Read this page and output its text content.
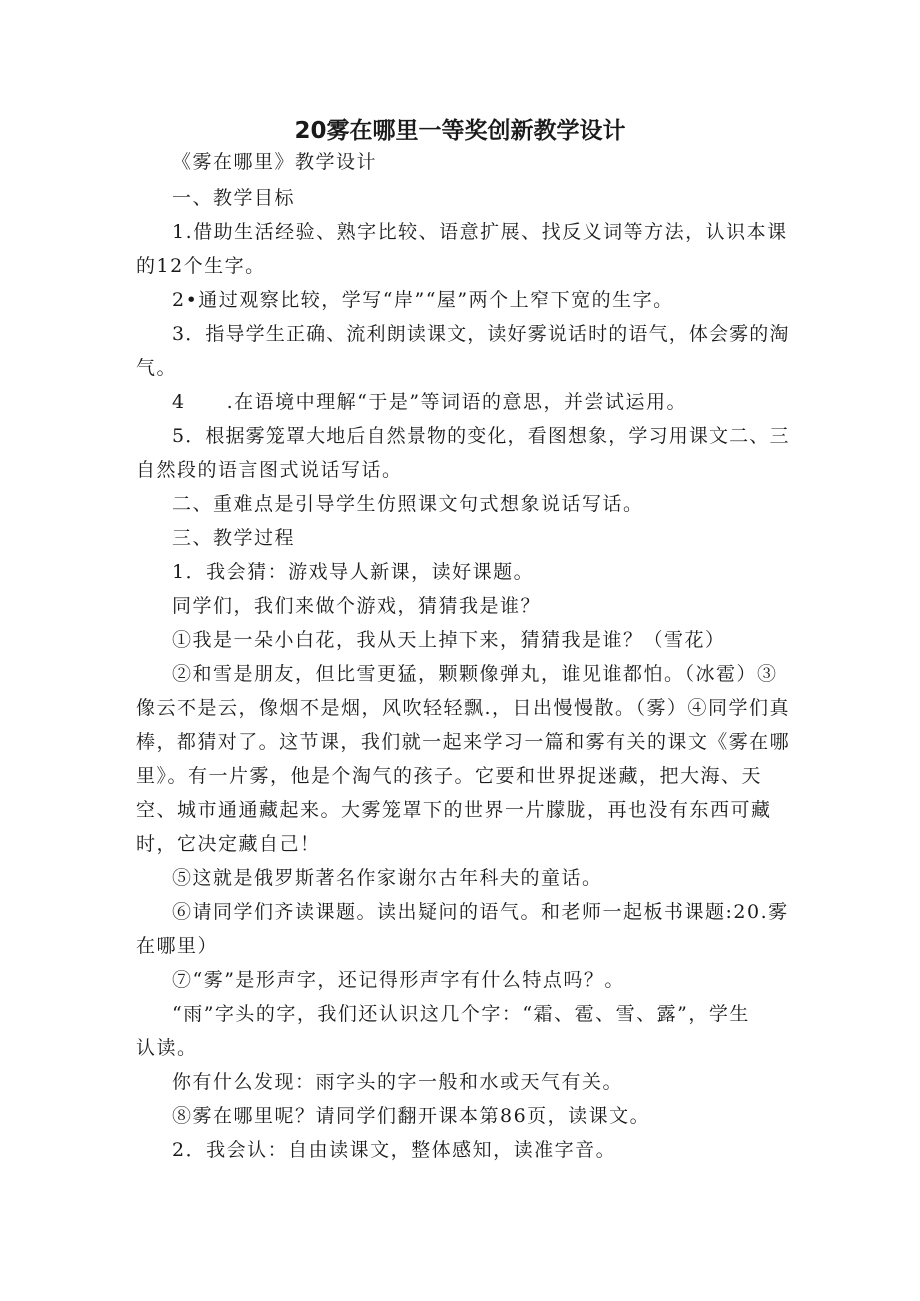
20雾在哪里一等奖创新教学设计

《雾在哪里》教学设计

一、教学目标

1.借助生活经验、熟字比较、语意扩展、找反义词等方法，认识本课

的12个生字。

2•通过观察比较，学写“岸”“屋”两个上窄下宽的生字。

3．指导学生正确、流利朗读课文，读好雾说话时的语气，体会雾的淘

气。

4　　.在语境中理解“于是”等词语的意思，并尝试运用。

5．根据雾笼罩大地后自然景物的变化，看图想象，学习用课文二、三

自然段的语言图式说话写话。

二、重难点是引导学生仿照课文句式想象说话写话。

三、教学过程

1．我会猜：游戏导人新课，读好课题。

同学们，我们来做个游戏，猜猜我是谁？

①我是一朵小白花，我从天上掉下来，猜猜我是谁？（雪花）

②和雪是朋友，但比雪更猛，颗颗像弹丸，谁见谁都怕。（冰雹）③

像云不是云，像烟不是烟，风吹轻轻飘.，日出慢慢散。（雾）④同学们真

棒，都猜对了。这节课，我们就一起来学习一篇和雾有关的课文《雾在哪

里》。有一片雾，他是个淘气的孩子。它要和世界捉迷藏，把大海、天

空、城市通通藏起来。大雾笼罩下的世界一片朦胧，再也没有东西可藏

时，它决定藏自己！

⑤这就是俄罗斯著名作家谢尔古年科夫的童话。

⑥请同学们齐读课题。读出疑问的语气。和老师一起板书课题:20.雾

在哪里）

⑦“雾”是形声字，还记得形声字有什么特点吗？。

“雨”字头的字，我们还认识这几个字：“霜、雹、雪、露”，学生

认读。

你有什么发现：雨字头的字一般和水或天气有关。

⑧雾在哪里呢？请同学们翻开课本第86页，读课文。

2．我会认：自由读课文，整体感知，读准字音。
